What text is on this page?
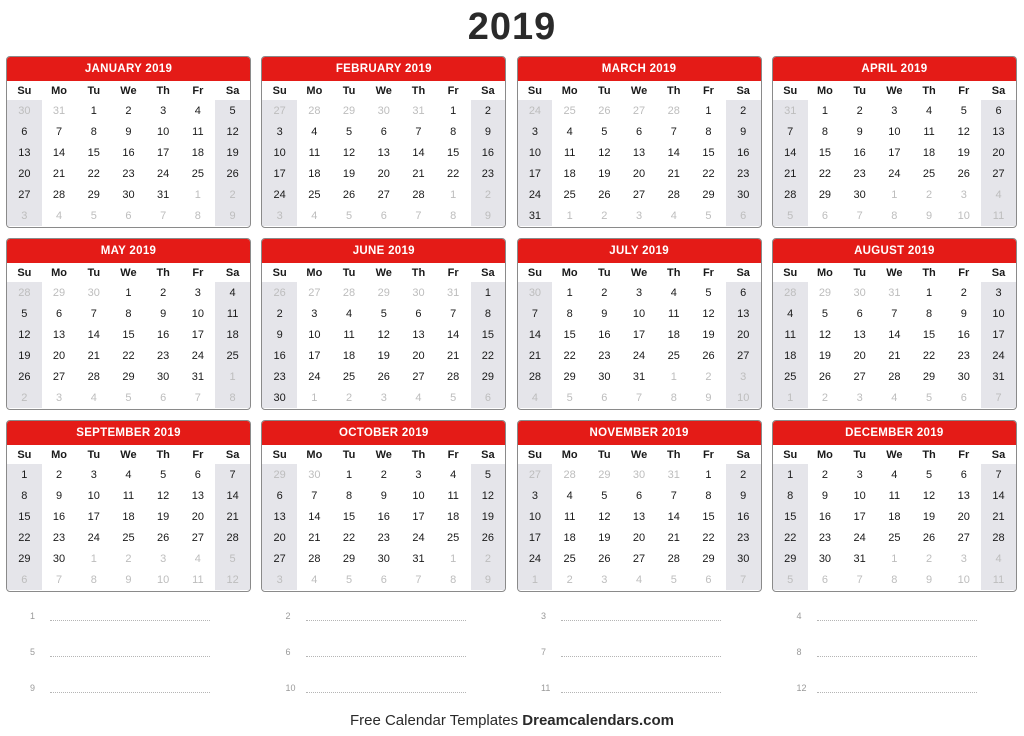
2019
JANUARY 2019
Su	Mo	Tu	We	Th	Fr	Sa
30	31	1	2	3	4	5
6	7	8	9	10	11	12
13	14	15	16	17	18	19
20	21	22	23	24	25	26
27	28	29	30	31	1	2
3	4	5	6	7	8	9
FEBRUARY 2019
Su	Mo	Tu	We	Th	Fr	Sa
27	28	29	30	31	1	2
3	4	5	6	7	8	9
10	11	12	13	14	15	16
17	18	19	20	21	22	23
24	25	26	27	28	1	2
3	4	5	6	7	8	9
MARCH 2019
Su	Mo	Tu	We	Th	Fr	Sa
24	25	26	27	28	1	2
3	4	5	6	7	8	9
10	11	12	13	14	15	16
17	18	19	20	21	22	23
24	25	26	27	28	29	30
31	1	2	3	4	5	6
APRIL 2019
Su	Mo	Tu	We	Th	Fr	Sa
31	1	2	3	4	5	6
7	8	9	10	11	12	13
14	15	16	17	18	19	20
21	22	23	24	25	26	27
28	29	30	1	2	3	4
5	6	7	8	9	10	11
MAY 2019
Su	Mo	Tu	We	Th	Fr	Sa
28	29	30	1	2	3	4
5	6	7	8	9	10	11
12	13	14	15	16	17	18
19	20	21	22	23	24	25
26	27	28	29	30	31	1
2	3	4	5	6	7	8
JUNE 2019
Su	Mo	Tu	We	Th	Fr	Sa
26	27	28	29	30	31	1
2	3	4	5	6	7	8
9	10	11	12	13	14	15
16	17	18	19	20	21	22
23	24	25	26	27	28	29
30	1	2	3	4	5	6
JULY 2019
Su	Mo	Tu	We	Th	Fr	Sa
30	1	2	3	4	5	6
7	8	9	10	11	12	13
14	15	16	17	18	19	20
21	22	23	24	25	26	27
28	29	30	31	1	2	3
4	5	6	7	8	9	10
AUGUST 2019
Su	Mo	Tu	We	Th	Fr	Sa
28	29	30	31	1	2	3
4	5	6	7	8	9	10
11	12	13	14	15	16	17
18	19	20	21	22	23	24
25	26	27	28	29	30	31
1	2	3	4	5	6	7
SEPTEMBER 2019
Su	Mo	Tu	We	Th	Fr	Sa
1	2	3	4	5	6	7
8	9	10	11	12	13	14
15	16	17	18	19	20	21
22	23	24	25	26	27	28
29	30	1	2	3	4	5
6	7	8	9	10	11	12
OCTOBER 2019
Su	Mo	Tu	We	Th	Fr	Sa
29	30	1	2	3	4	5
6	7	8	9	10	11	12
13	14	15	16	17	18	19
20	21	22	23	24	25	26
27	28	29	30	31	1	2
3	4	5	6	7	8	9
NOVEMBER 2019
Su	Mo	Tu	We	Th	Fr	Sa
27	28	29	30	31	1	2
3	4	5	6	7	8	9
10	11	12	13	14	15	16
17	18	19	20	21	22	23
24	25	26	27	28	29	30
1	2	3	4	5	6	7
DECEMBER 2019
Su	Mo	Tu	We	Th	Fr	Sa
1	2	3	4	5	6	7
8	9	10	11	12	13	14
15	16	17	18	19	20	21
22	23	24	25	26	27	28
29	30	31	1	2	3	4
5	6	7	8	9	10	11
1	2	3	4
5	6	7	8
9	10	11	12
Free Calendar Templates Dreamcalendars.com
